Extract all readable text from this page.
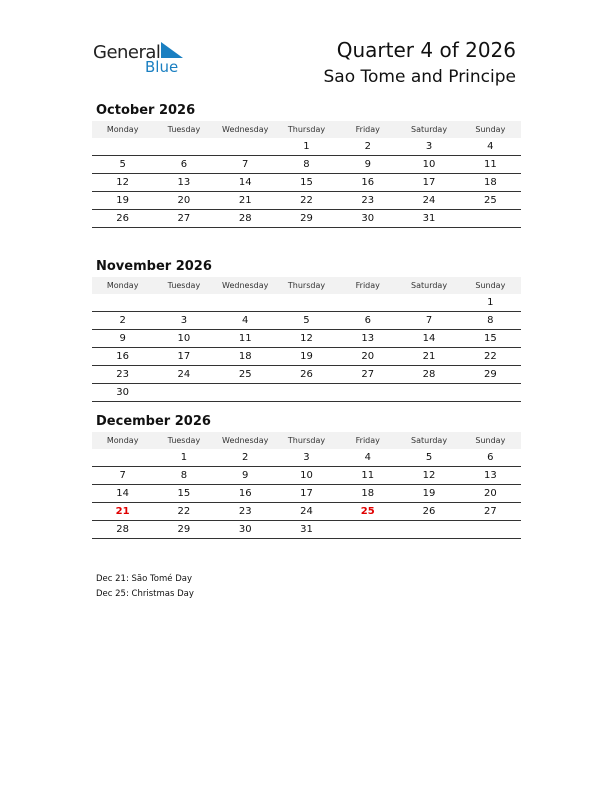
General
Blue
Quarter 4 of 2026
Sao Tome and Principe
October 2026
Monday	Tuesday	Wednesday	Thursday	Friday	Saturday	Sunday
			1	2	3	4
5	6	7	8	9	10	11
12	13	14	15	16	17	18
19	20	21	22	23	24	25
26	27	28	29	30	31	
November 2026
Monday	Tuesday	Wednesday	Thursday	Friday	Saturday	Sunday
						1
2	3	4	5	6	7	8
9	10	11	12	13	14	15
16	17	18	19	20	21	22
23	24	25	26	27	28	29
30						
December 2026
Monday	Tuesday	Wednesday	Thursday	Friday	Saturday	Sunday
	1	2	3	4	5	6
7	8	9	10	11	12	13
14	15	16	17	18	19	20
21	22	23	24	25	26	27
28	29	30	31			
Dec 21: São Tomé Day
Dec 25: Christmas Day
